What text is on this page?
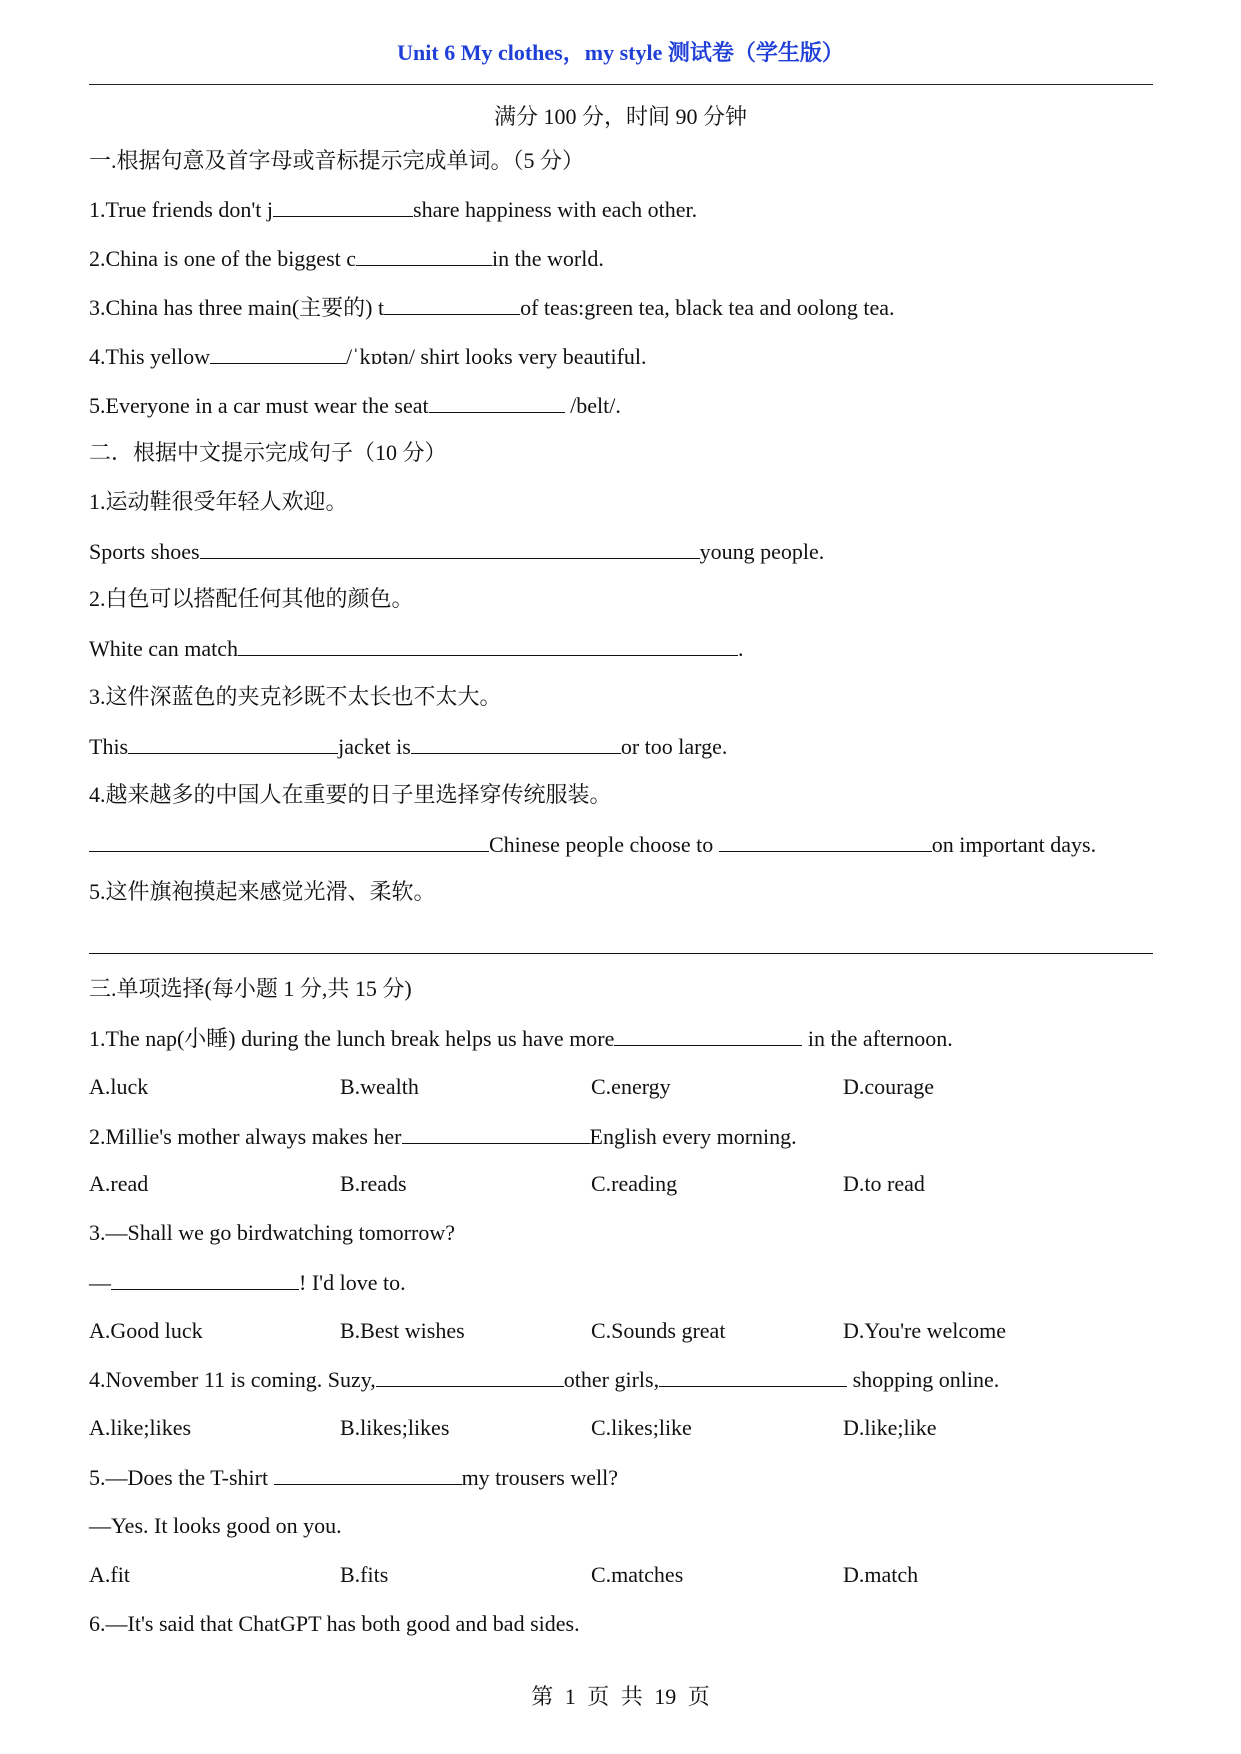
Unit 6 My clothes，my style 测试卷（学生版）
满分 100 分，时间 90 分钟
一.根据句意及首字母或音标提示完成单词。（5 分）
1.True friends don't j	share happiness with each other.
2.China is one of the biggest c	in the world.
3.China has three main(主要的) t	of teas:green tea, black tea and oolong tea.
4.This yellow	/ˈkɒtən/ shirt looks very beautiful.
5.Everyone in a car must wear the seat	/belt/.
二．根据中文提示完成句子（10 分）
1.运动鞋很受年轻人欢迎。
Sports shoes	young people.
2.白色可以搭配任何其他的颜色。
White can match	.
3.这件深蓝色的夹克衫既不太长也不太大。
This	jacket is	or too large.
4.越来越多的中国人在重要的日子里选择穿传统服装。
Chinese people choose to	on important days.
5.这件旗袍摸起来感觉光滑、柔软。
三.单项选择(每小题 1 分,共 15 分)
1.The nap(小睡) during the lunch break helps us have more	in the afternoon.
A.luck	B.wealth	C.energy	D.courage
2.Millie's mother always makes her	English every morning.
A.read	B.reads	C.reading	D.to read
3.—Shall we go birdwatching tomorrow?
—	! I'd love to.
A.Good luck	B.Best wishes	C.Sounds great	D.You're welcome
4.November 11 is coming. Suzy,	other girls,	shopping online.
A.like;likes	B.likes;likes	C.likes;like	D.like;like
5.—Does the T-shirt	my trousers well?
—Yes. It looks good on you.
A.fit	B.fits	C.matches	D.match
6.—It's said that ChatGPT has both good and bad sides.
第 1 页 共 19 页
